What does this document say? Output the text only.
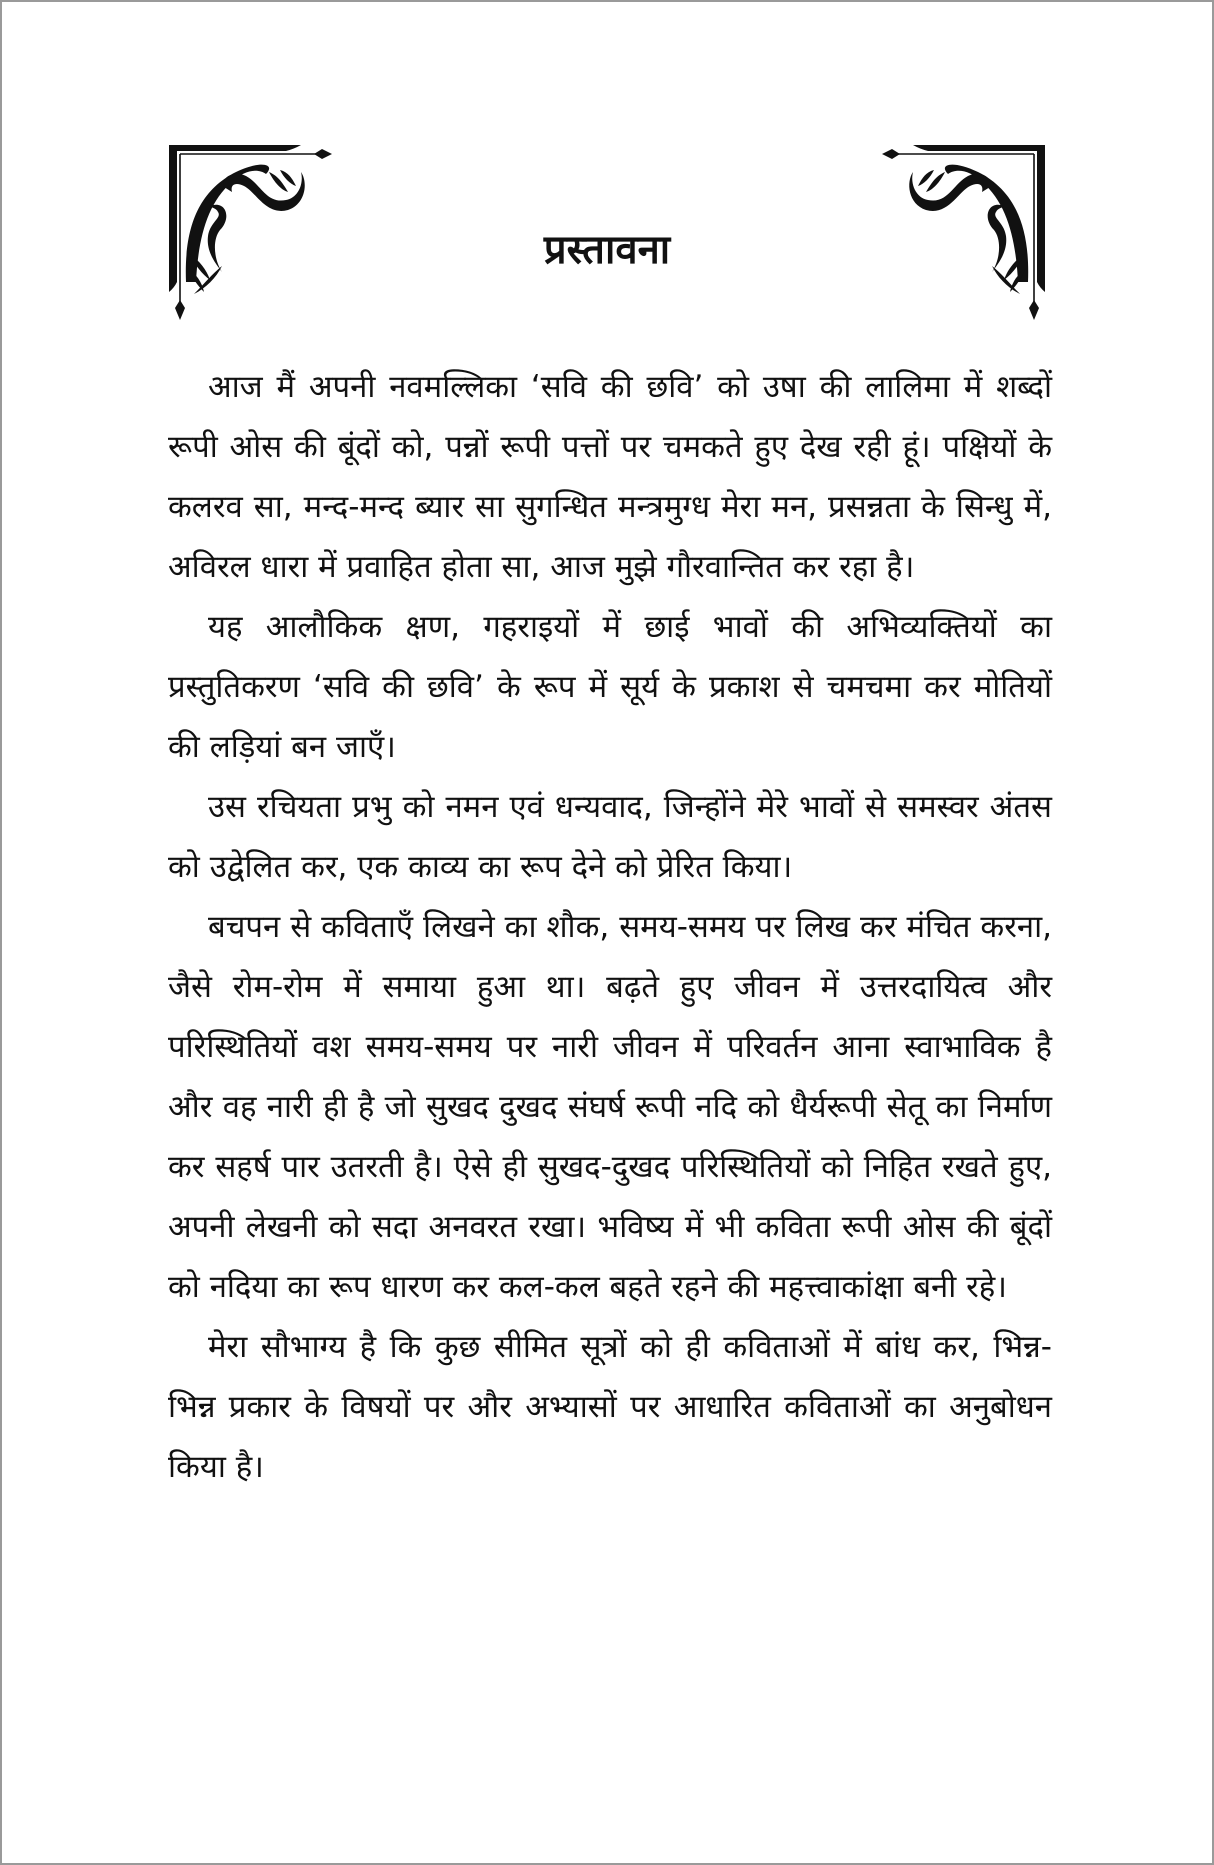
प्रस्तावना

आज मैं अपनी नवमल्लिका ‘सवि की छवि’ को उषा की लालिमा में शब्दों रूपी ओस की बूंदों को, पन्नों रूपी पत्तों पर चमकते हुए देख रही हूं। पक्षियों के कलरव सा, मन्द-मन्द ब्यार सा सुगन्धित मन्त्रमुग्ध मेरा मन, प्रसन्नता के सिन्धु में, अविरल धारा में प्रवाहित होता सा, आज मुझे गौरवान्तित कर रहा है।

यह आलौकिक क्षण, गहराइयों में छाई भावों की अभिव्यक्तियों का प्रस्तुतिकरण ‘सवि की छवि’ के रूप में सूर्य के प्रकाश से चमचमा कर मोतियों की लड़ियां बन जाएँ।

उस रचियता प्रभु को नमन एवं धन्यवाद, जिन्होंने मेरे भावों से समस्वर अंतस को उद्वेलित कर, एक काव्य का रूप देने को प्रेरित किया।

बचपन से कविताएँ लिखने का शौक, समय-समय पर लिख कर मंचित करना, जैसे रोम-रोम में समाया हुआ था। बढ़ते हुए जीवन में उत्तरदायित्व और परिस्थितियों वश समय-समय पर नारी जीवन में परिवर्तन आना स्वाभाविक है और वह नारी ही है जो सुखद दुखद संघर्ष रूपी नदि को धैर्यरूपी सेतू का निर्माण कर सहर्ष पार उतरती है। ऐसे ही सुखद-दुखद परिस्थितियों को निहित रखते हुए, अपनी लेखनी को सदा अनवरत रखा। भविष्य में भी कविता रूपी ओस की बूंदों को नदिया का रूप धारण कर कल-कल बहते रहने की महत्त्वाकांक्षा बनी रहे।

मेरा सौभाग्य है कि कुछ सीमित सूत्रों को ही कविताओं में बांध कर, भिन्न-भिन्न प्रकार के विषयों पर और अभ्यासों पर आधारित कविताओं का अनुबोधन किया है।
